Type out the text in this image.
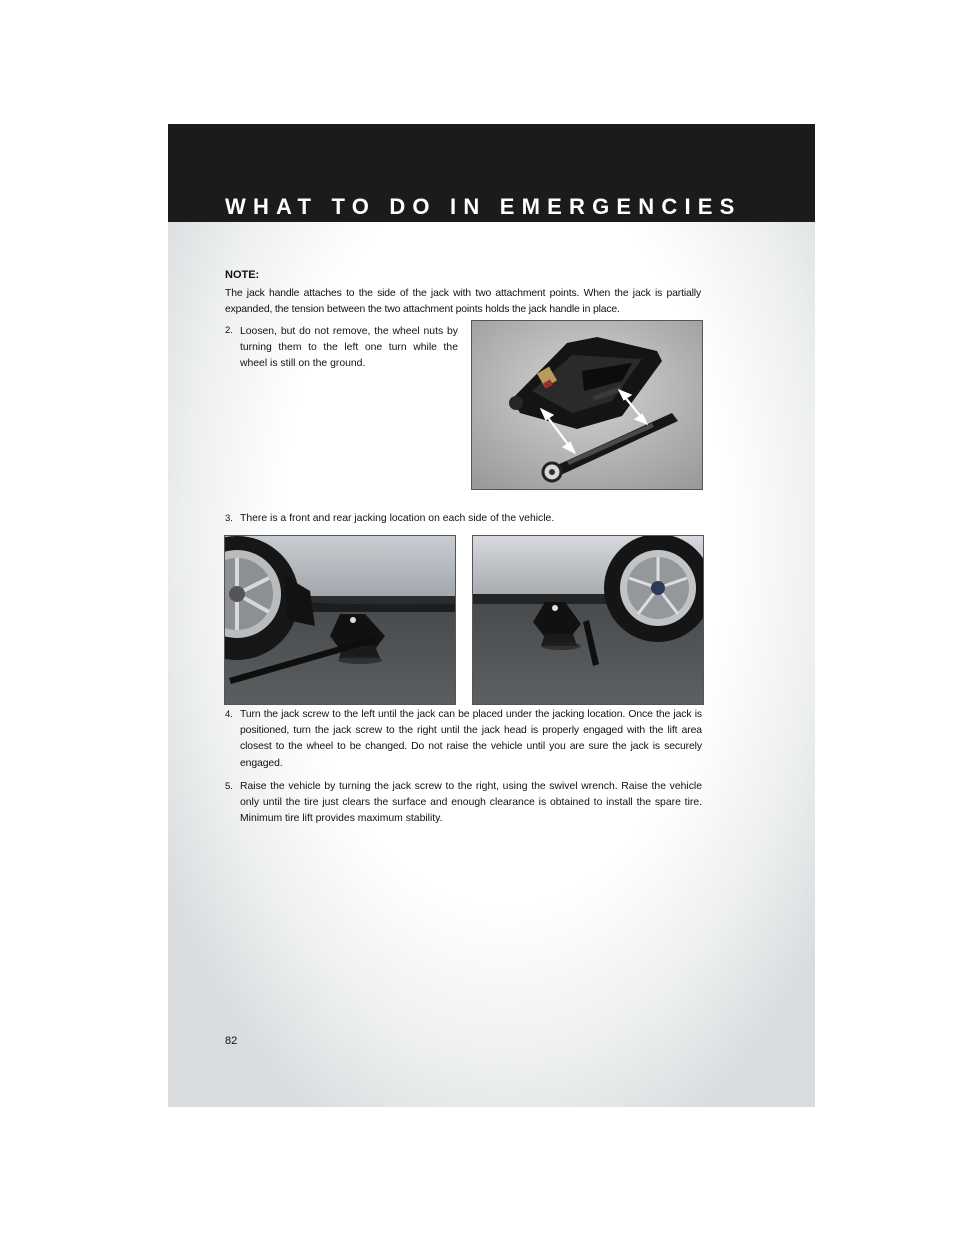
WHAT TO DO IN EMERGENCIES
NOTE:
The jack handle attaches to the side of the jack with two attachment points. When the jack is partially expanded, the tension between the two attachment points holds the jack handle in place.
2. Loosen, but do not remove, the wheel nuts by turning them to the left one turn while the wheel is still on the ground.
3. There is a front and rear jacking location on each side of the vehicle.
4. Turn the jack screw to the left until the jack can be placed under the jacking location. Once the jack is positioned, turn the jack screw to the right until the jack head is properly engaged with the lift area closest to the wheel to be changed. Do not raise the vehicle until you are sure the jack is securely engaged.
5. Raise the vehicle by turning the jack screw to the right, using the swivel wrench. Raise the vehicle only until the tire just clears the surface and enough clearance is obtained to install the spare tire. Minimum tire lift provides maximum stability.
82
